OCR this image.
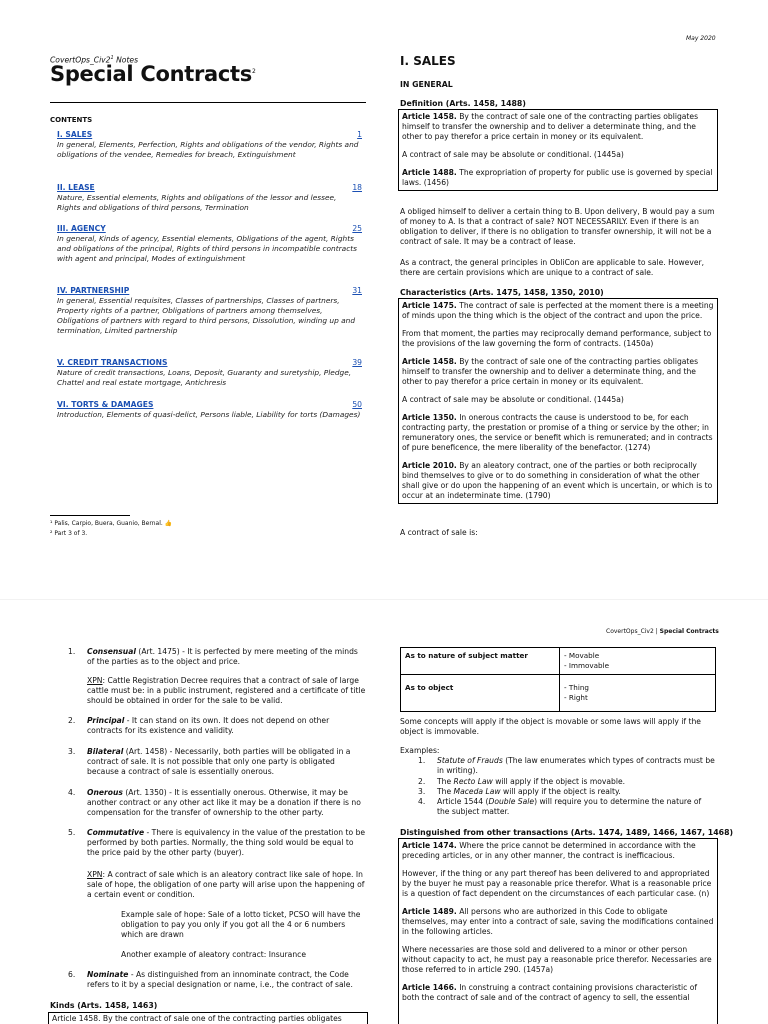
May 2020
$CovertOps\_Civ2^1$ Notes
Special Contracts$^2$
CONTENTS
I. SALES	1
In general, Elements, Perfection, Rights and obligations of the vendor, Rights and obligations of the vendee, Remedies for breach, Extinguishment
II. LEASE	18
Nature, Essential elements, Rights and obligations of the lessor and lessee, Rights and obligations of third persons, Termination
III. AGENCY	25
In general, Kinds of agency, Essential elements, Obligations of the agent, Rights and obligations of the principal, Rights of third persons in incompatible contracts with agent and principal, Modes of extinguishment
IV. PARTNERSHIP	31
In general, Essential requisites, Classes of partnerships, Classes of partners, Property rights of a partner, Obligations of partners among themselves, Obligations of partners with regard to third persons, Dissolution, winding up and termination, Limited partnership
V. CREDIT TRANSACTIONS	39
Nature of credit transactions, Loans, Deposit, Guaranty and suretyship, Pledge, Chattel and real estate mortgage, Antichresis
VI. TORTS & DAMAGES	50
Introduction, Elements of quasi-delict, Persons liable, Liability for torts (Damages)
¹ Palis, Carpio, Buera, Guanio, Bernal. 👍
² Part 3 of 3.
I. SALES
IN GENERAL
Definition (Arts. 1458, 1488)

Article 1458. By the contract of sale one of the contracting parties obligates himself to transfer the ownership and to deliver a determinate thing, and the other to pay therefor a price certain in money or its equivalent.

A contract of sale may be absolute or conditional. (1445a)

Article 1488. The expropriation of property for public use is governed by special laws. (1456)

A obliged himself to deliver a certain thing to B. Upon delivery, B would pay a sum of money to A. Is that a contract of sale? NOT NECESSARILY. Even if there is an obligation to deliver, if there is no obligation to transfer ownership, it will not be a contract of sale. It may be a contract of lease.
As a contract, the general principles in ObliCon are applicable to sale. However, there are certain provisions which are unique to a contract of sale.
Characteristics (Arts. 1475, 1458, 1350, 2010)

Article 1475. The contract of sale is perfected at the moment there is a meeting of minds upon the thing which is the object of the contract and upon the price.

From that moment, the parties may reciprocally demand performance, subject to the provisions of the law governing the form of contracts. (1450a)

Article 1458. By the contract of sale one of the contracting parties obligates himself to transfer the ownership and to deliver a determinate thing, and the other to pay therefor a price certain in money or its equivalent.

A contract of sale may be absolute or conditional. (1445a)

Article 1350. In onerous contracts the cause is understood to be, for each contracting party, the prestation or promise of a thing or service by the other; in remuneratory ones, the service or benefit which is remunerated; and in contracts of pure beneficence, the mere liberality of the benefactor. (1274)

Article 2010. By an aleatory contract, one of the parties or both reciprocally bind themselves to give or to do something in consideration of what the other shall give or do upon the happening of an event which is uncertain, or which is to occur at an indeterminate time. (1790)

A contract of sale is:
CovertOps_Civ2 | Special Contracts
1.	Consensual (Art. 1475) - It is perfected by mere meeting of the minds of the parties as to the object and price.
XPN: Cattle Registration Decree requires that a contract of sale of large cattle must be: in a public instrument, registered and a certificate of title should be obtained in order for the sale to be valid.
2.	Principal - It can stand on its own. It does not depend on other contracts for its existence and validity.
3.	Bilateral (Art. 1458) - Necessarily, both parties will be obligated in a contract of sale. It is not possible that only one party is obligated because a contract of sale is essentially onerous.
4.	Onerous (Art. 1350) - It is essentially onerous. Otherwise, it may be another contract or any other act like it may be a donation if there is no compensation for the transfer of ownership to the other party.
5.	Commutative - There is equivalency in the value of the prestation to be performed by both parties. Normally, the thing sold would be equal to the price paid by the other party (buyer).
XPN: A contract of sale which is an aleatory contract like sale of hope. In sale of hope, the obligation of one party will arise upon the happening of a certain event or condition.
Example sale of hope: Sale of a lotto ticket, PCSO will have the obligation to pay you only if you got all the 4 or 6 numbers which are drawn
Another example of aleatory contract: Insurance
6.	Nominate - As distinguished from an innominate contract, the Code refers to it by a special designation or name, i.e., the contract of sale.
Kinds (Arts. 1458, 1463)
Article 1458. By the contract of sale one of the contracting parties obligates
As to nature of subject matter	- Movable
- Immovable

As to object	- Thing
- Right
Some concepts will apply if the object is movable or some laws will apply if the object is immovable.
Examples:
1.	Statute of Frauds (The law enumerates which types of contracts must be in writing).
2.	The Recto Law will apply if the object is movable.
3.	The Maceda Law will apply if the object is realty.
4.	Article 1544 (Double Sale) will require you to determine the nature of the subject matter.
Distinguished from other transactions (Arts. 1474, 1489, 1466, 1467, 1468)

Article 1474. Where the price cannot be determined in accordance with the preceding articles, or in any other manner, the contract is inefficacious.

However, if the thing or any part thereof has been delivered to and appropriated by the buyer he must pay a reasonable price therefor. What is a reasonable price is a question of fact dependent on the circumstances of each particular case. (n)

Article 1489. All persons who are authorized in this Code to obligate themselves, may enter into a contract of sale, saving the modifications contained in the following articles.

Where necessaries are those sold and delivered to a minor or other person without capacity to act, he must pay a reasonable price therefor. Necessaries are those referred to in article 290. (1457a)

Article 1466. In construing a contract containing provisions characteristic of both the contract of sale and of the contract of agency to sell, the essential
